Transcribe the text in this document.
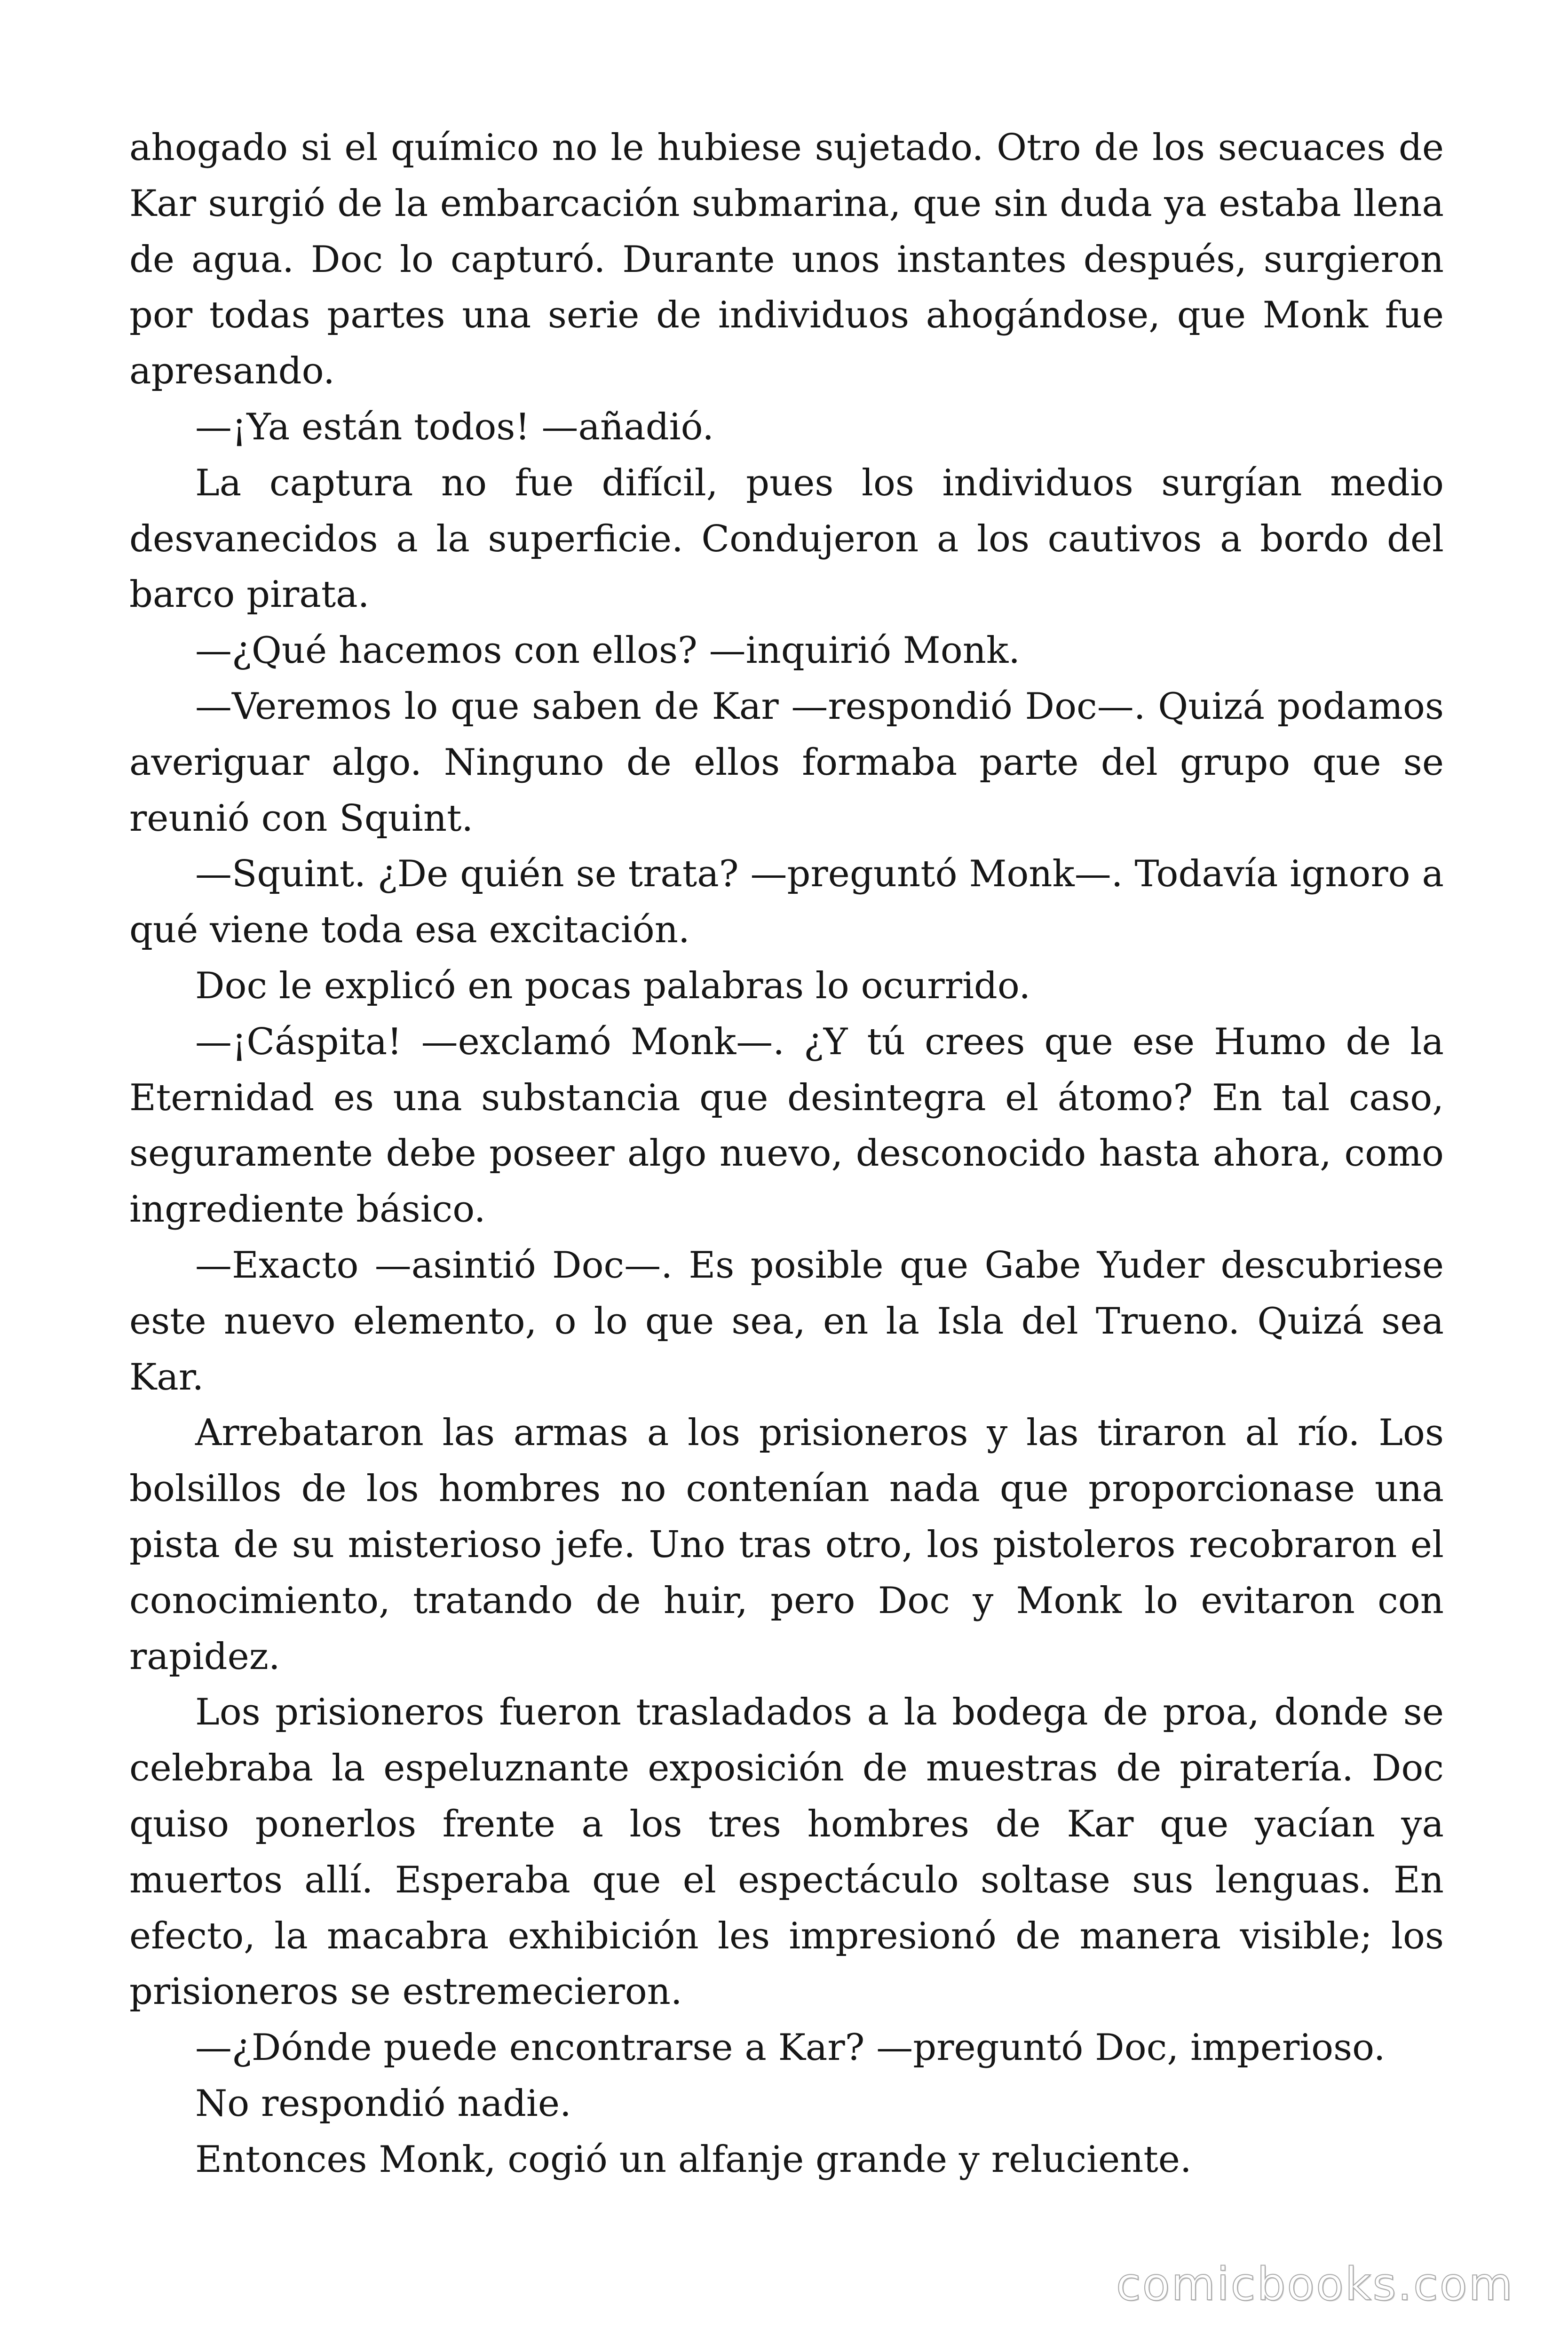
ahogado si el químico no le hubiese sujetado. Otro de los secuaces de Kar surgió de la embarcación submarina, que sin duda ya estaba llena de agua. Doc lo capturó. Durante unos instantes después, surgieron por todas partes una serie de individuos ahogándose, que Monk fue apresando.

—¡Ya están todos! —añadió.

La captura no fue difícil, pues los individuos surgían medio desvanecidos a la superficie. Condujeron a los cautivos a bordo del barco pirata.

—¿Qué hacemos con ellos? —inquirió Monk.

—Veremos lo que saben de Kar —respondió Doc—. Quizá podamos averiguar algo. Ninguno de ellos formaba parte del grupo que se reunió con Squint.

—Squint. ¿De quién se trata? —preguntó Monk—. Todavía ignoro a qué viene toda esa excitación.

Doc le explicó en pocas palabras lo ocurrido.

—¡Cáspita! —exclamó Monk—. ¿Y tú crees que ese Humo de la Eternidad es una substancia que desintegra el átomo? En tal caso, seguramente debe poseer algo nuevo, desconocido hasta ahora, como ingrediente básico.

—Exacto —asintió Doc—. Es posible que Gabe Yuder descubriese este nuevo elemento, o lo que sea, en la Isla del Trueno. Quizá sea Kar.

Arrebataron las armas a los prisioneros y las tiraron al río. Los bolsillos de los hombres no contenían nada que proporcionase una pista de su misterioso jefe. Uno tras otro, los pistoleros recobraron el conocimiento, tratando de huir, pero Doc y Monk lo evitaron con rapidez.

Los prisioneros fueron trasladados a la bodega de proa, donde se celebraba la espeluznante exposición de muestras de piratería. Doc quiso ponerlos frente a los tres hombres de Kar que yacían ya muertos allí. Esperaba que el espectáculo soltase sus lenguas. En efecto, la macabra exhibición les impresionó de manera visible; los prisioneros se estremecieron.

—¿Dónde puede encontrarse a Kar? —preguntó Doc, imperioso.

No respondió nadie.

Entonces Monk, cogió un alfanje grande y reluciente.

comicbooks.com
